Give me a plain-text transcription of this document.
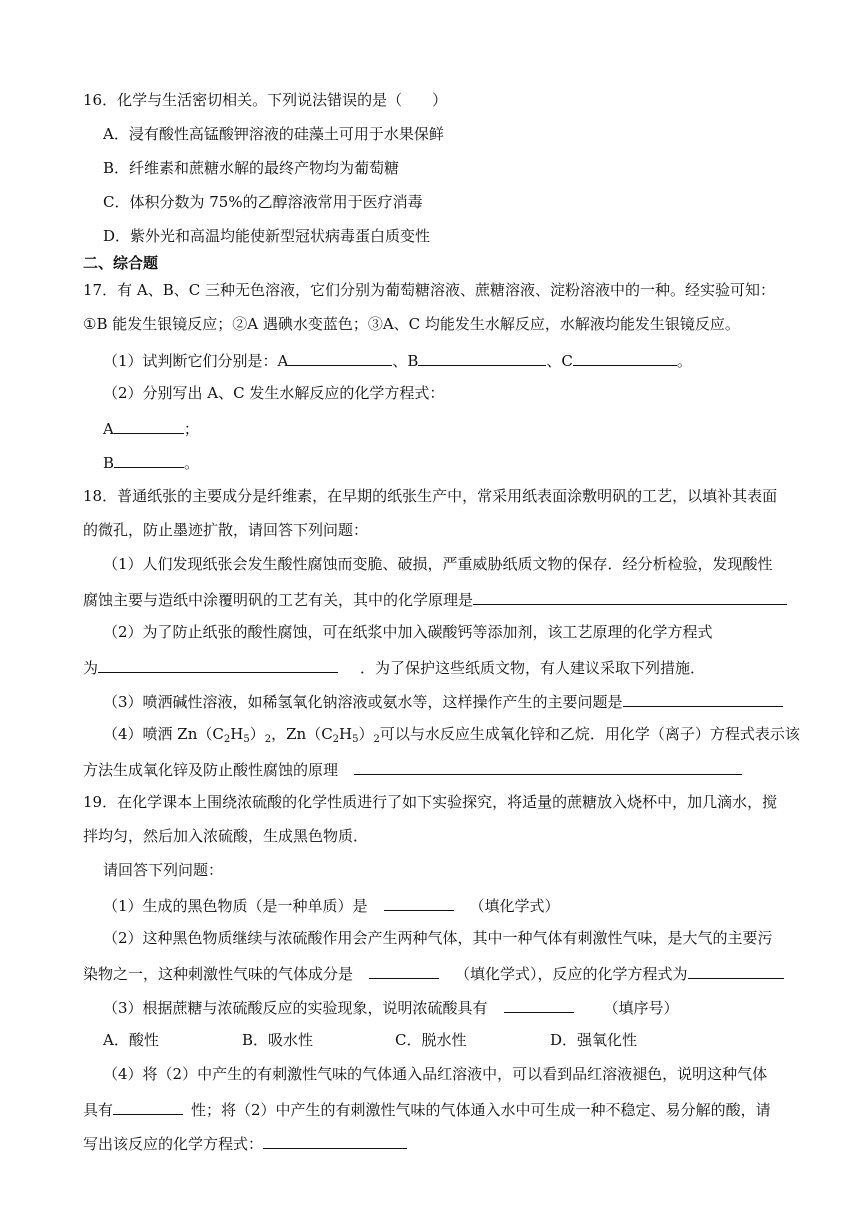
16．化学与生活密切相关。下列说法错误的是（　　）
A．浸有酸性高锰酸钾溶液的硅藻土可用于水果保鲜
B．纤维素和蔗糖水解的最终产物均为葡萄糖
C．体积分数为 75%的乙醇溶液常用于医疗消毒
D．紫外光和高温均能使新型冠状病毒蛋白质变性
二、综合题
17．有 A、B、C 三种无色溶液，它们分别为葡萄糖溶液、蔗糖溶液、淀粉溶液中的一种。经实验可知：
①B 能发生银镜反应；②A 遇碘水变蓝色；③A、C 均能发生水解反应，水解液均能发生银镜反应。
（1）试判断它们分别是：A	、B	、C	。
（2）分别写出 A、C 发生水解反应的化学方程式：
A	；
B	。
18．普通纸张的主要成分是纤维素，在早期的纸张生产中，常采用纸表面涂敷明矾的工艺，以填补其表面
的微孔，防止墨迹扩散，请回答下列问题：
（1）人们发现纸张会发生酸性腐蚀而变脆、破损，严重威胁纸质文物的保存．经分析检验，发现酸性
腐蚀主要与造纸中涂覆明矾的工艺有关，其中的化学原理是
（2）为了防止纸张的酸性腐蚀，可在纸浆中加入碳酸钙等添加剂，该工艺原理的化学方程式
为	．为了保护这些纸质文物，有人建议采取下列措施．
（3）喷洒碱性溶液，如稀氢氧化钠溶液或氨水等，这样操作产生的主要问题是
（4）喷洒 $Zn(C_2H_5)_2$，$Zn(C_2H_5)_2$可以与水反应生成氧化锌和乙烷．用化学（离子）方程式表示该
方法生成氧化锌及防止酸性腐蚀的原理
19．在化学课本上围绕浓硫酸的化学性质进行了如下实验探究，将适量的蔗糖放入烧杯中，加几滴水，搅
拌均匀，然后加入浓硫酸，生成黑色物质．
请回答下列问题：
（1）生成的黑色物质（是一种单质）是	（填化学式）
（2）这种黑色物质继续与浓硫酸作用会产生两种气体，其中一种气体有刺激性气味，是大气的主要污
染物之一，这种刺激性气味的气体成分是	（填化学式），反应的化学方程式为
（3）根据蔗糖与浓硫酸反应的实验现象，说明浓硫酸具有	（填序号）
A．酸性	B．吸水性	C．脱水性	D．强氧化性
（4）将（2）中产生的有刺激性气味的气体通入品红溶液中，可以看到品红溶液褪色，说明这种气体
具有	性；将（2）中产生的有刺激性气味的气体通入水中可生成一种不稳定、易分解的酸，请
写出该反应的化学方程式：
